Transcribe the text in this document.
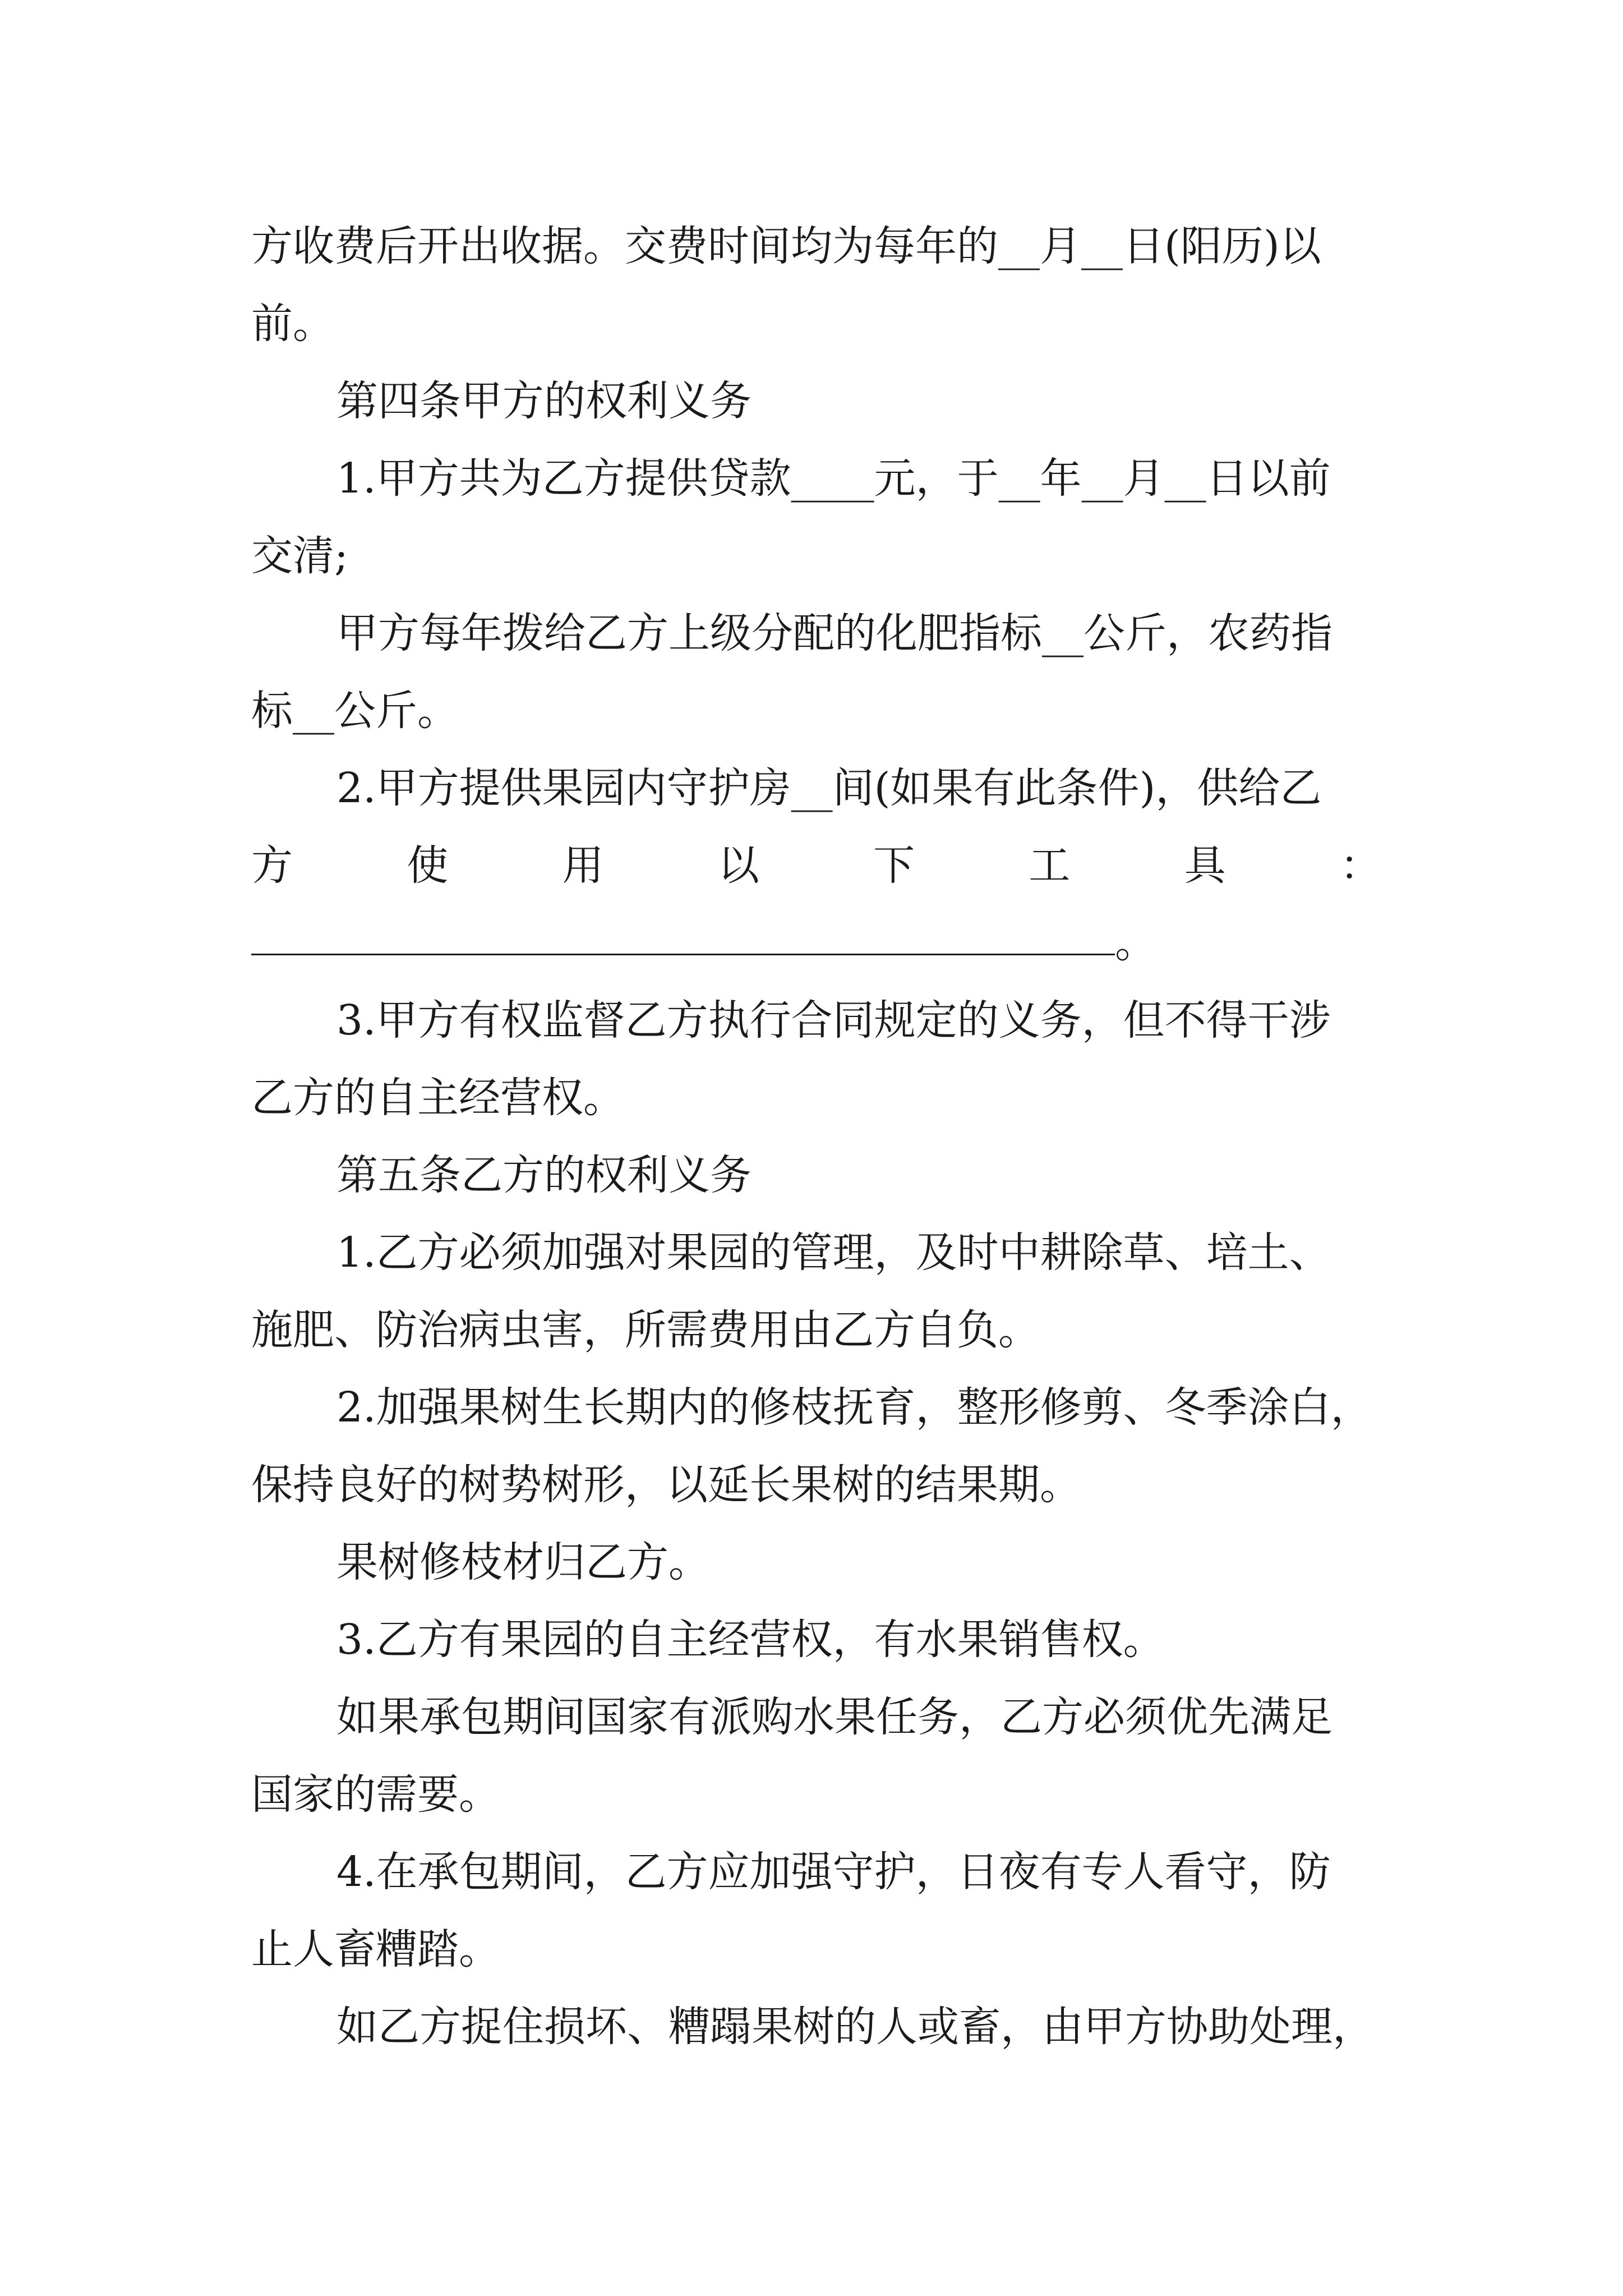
方收费后开出收据。交费时间均为每年的__月__日(阳历)以
前。
第四条甲方的权利义务
1.甲方共为乙方提供贷款____元，于__年__月__日以前
交清;
甲方每年拨给乙方上级分配的化肥指标__公斤，农药指
标__公斤。
2.甲方提供果园内守护房__间(如果有此条件)，供给乙
方	使	用	以	下	工	具	：
。
3.甲方有权监督乙方执行合同规定的义务，但不得干涉
乙方的自主经营权。
第五条乙方的权利义务
1.乙方必须加强对果园的管理，及时中耕除草、培土、
施肥、防治病虫害，所需费用由乙方自负。
2.加强果树生长期内的修枝抚育，整形修剪、冬季涂白，
保持良好的树势树形，以延长果树的结果期。
果树修枝材归乙方。
3.乙方有果园的自主经营权，有水果销售权。
如果承包期间国家有派购水果任务，乙方必须优先满足
国家的需要。
4.在承包期间，乙方应加强守护，日夜有专人看守，防
止人畜糟踏。
如乙方捉住损坏、糟蹋果树的人或畜，由甲方协助处理，
